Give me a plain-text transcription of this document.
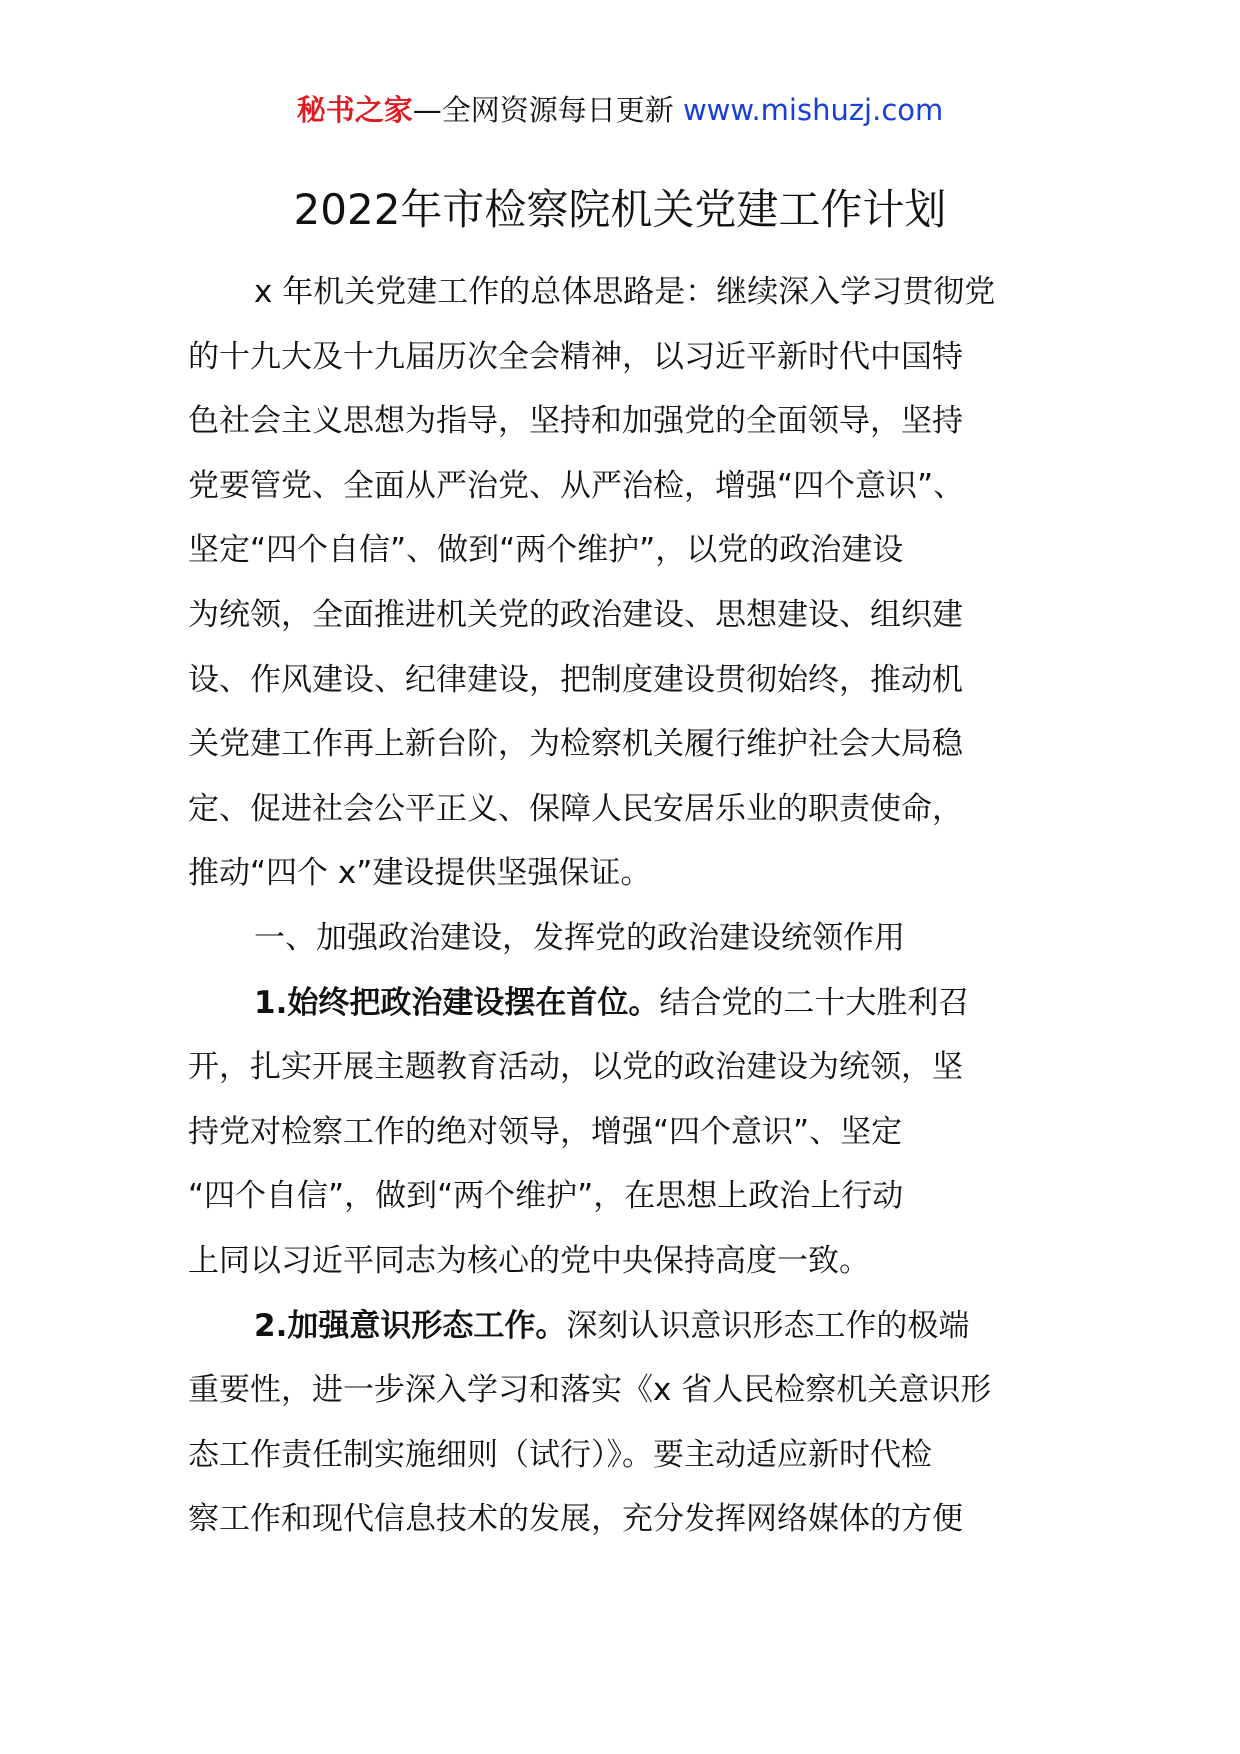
秘书之家—全网资源每日更新 www.mishuzj.com
2022年市检察院机关党建工作计划
x 年机关党建工作的总体思路是：继续深入学习贯彻党
的十九大及十九届历次全会精神，以习近平新时代中国特
色社会主义思想为指导，坚持和加强党的全面领导，坚持
党要管党、全面从严治党、从严治检，增强“四个意识”、
坚定“四个自信”、做到“两个维护”，以党的政治建设
为统领，全面推进机关党的政治建设、思想建设、组织建
设、作风建设、纪律建设，把制度建设贯彻始终，推动机
关党建工作再上新台阶，为检察机关履行维护社会大局稳
定、促进社会公平正义、保障人民安居乐业的职责使命，
推动“四个 x”建设提供坚强保证。
一、加强政治建设，发挥党的政治建设统领作用
1.始终把政治建设摆在首位。结合党的二十大胜利召
开，扎实开展主题教育活动，以党的政治建设为统领，坚
持党对检察工作的绝对领导，增强“四个意识”、坚定
“四个自信”，做到“两个维护”，在思想上政治上行动
上同以习近平同志为核心的党中央保持高度一致。
2.加强意识形态工作。深刻认识意识形态工作的极端
重要性，进一步深入学习和落实《x 省人民检察机关意识形
态工作责任制实施细则（试行）》。要主动适应新时代检
察工作和现代信息技术的发展，充分发挥网络媒体的方便
